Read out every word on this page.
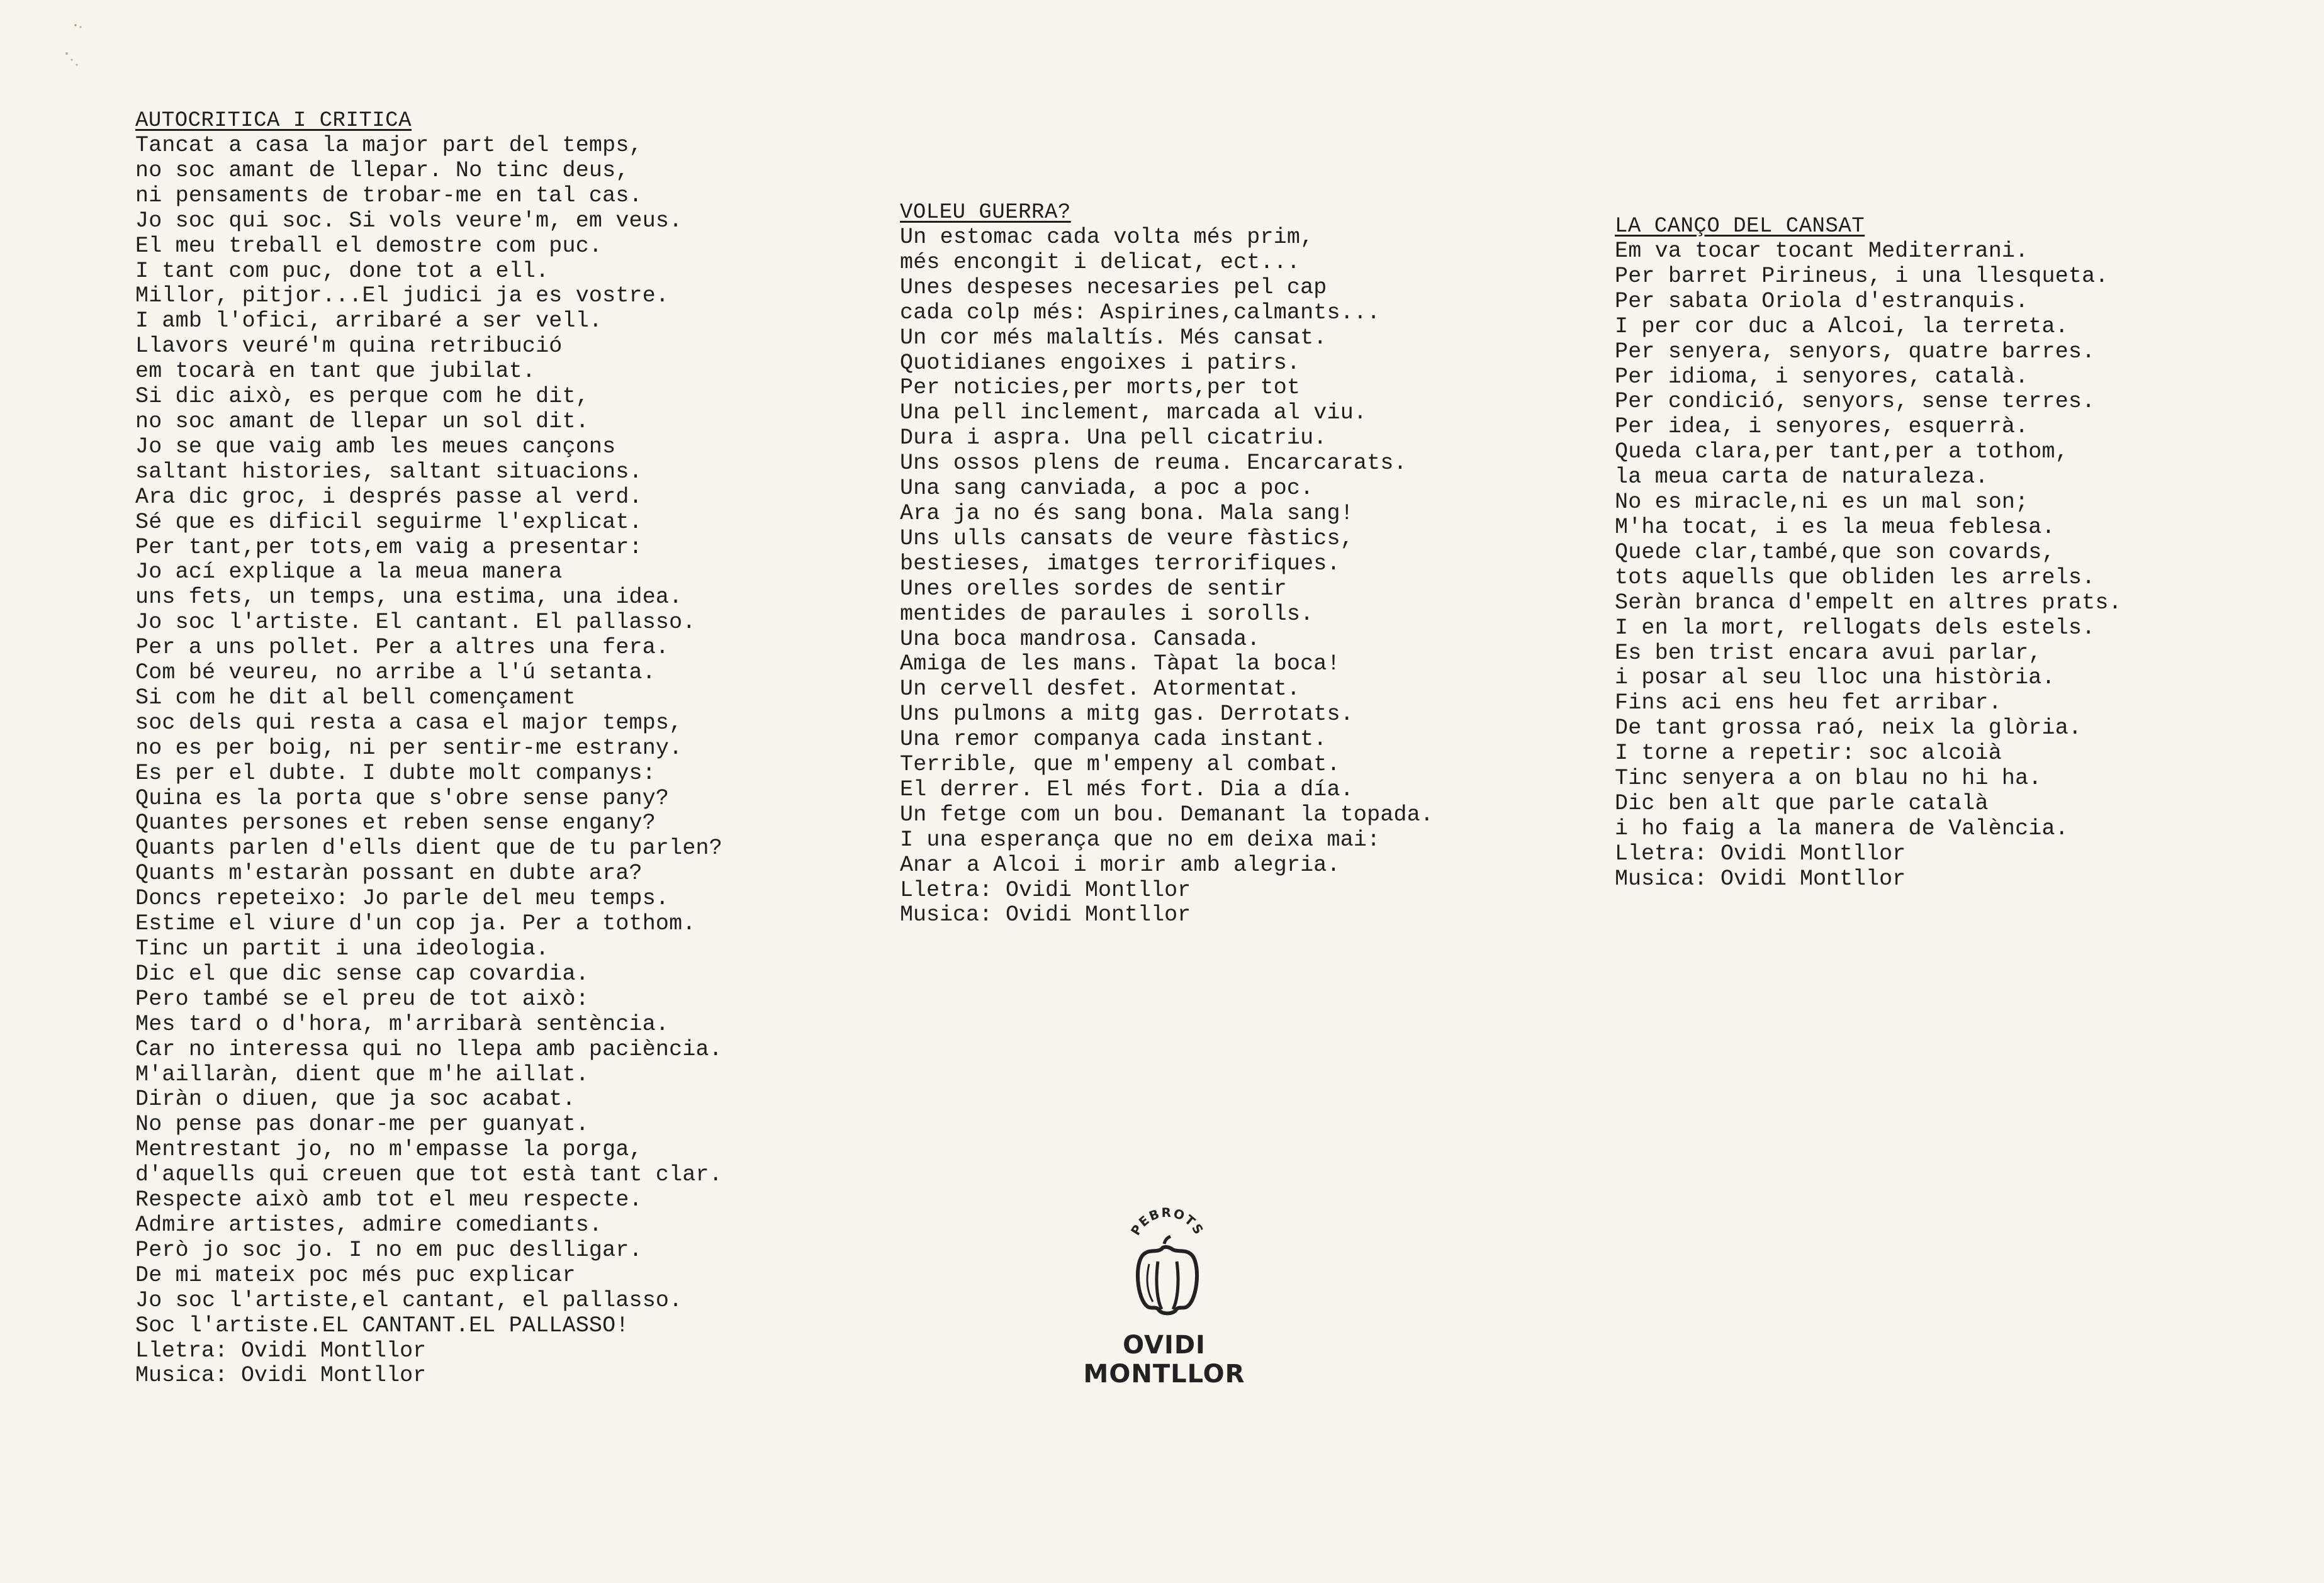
AUTOCRITICA I CRITICA
Tancat a casa la major part del temps,
no soc amant de llepar. No tinc deus,
ni pensaments de trobar-me en tal cas.
Jo soc qui soc. Si vols veure'm, em veus.
El meu treball el demostre com puc.
I tant com puc, done tot a ell.
Millor, pitjor...El judici ja es vostre.
I amb l'ofici, arribaré a ser vell.
Llavors veuré'm quina retribució
em tocarà en tant que jubilat.
Si dic això, es perque com he dit,
no soc amant de llepar un sol dit.
Jo se que vaig amb les meues cançons
saltant histories, saltant situacions.
Ara dic groc, i després passe al verd.
Sé que es dificil seguirme l'explicat.
Per tant,per tots,em vaig a presentar:
Jo ací explique a la meua manera
uns fets, un temps, una estima, una idea.
Jo soc l'artiste. El cantant. El pallasso.
Per a uns pollet. Per a altres una fera.
Com bé veureu, no arribe a l'ú setanta.
Si com he dit al bell començament
soc dels qui resta a casa el major temps,
no es per boig, ni per sentir-me estrany.
Es per el dubte. I dubte molt companys:
Quina es la porta que s'obre sense pany?
Quantes persones et reben sense engany?
Quants parlen d'ells dient que de tu parlen?
Quants m'estaràn possant en dubte ara?
Doncs repeteixo: Jo parle del meu temps.
Estime el viure d'un cop ja. Per a tothom.
Tinc un partit i una ideologia.
Dic el que dic sense cap covardia.
Pero també se el preu de tot això:
Mes tard o d'hora, m'arribarà sentència.
Car no interessa qui no llepa amb paciència.
M'aillaràn, dient que m'he aillat.
Diràn o diuen, que ja soc acabat.
No pense pas donar-me per guanyat.
Mentrestant jo, no m'empasse la porga,
d'aquells qui creuen que tot està tant clar.
Respecte això amb tot el meu respecte.
Admire artistes, admire comediants.
Però jo soc jo. I no em puc deslligar.
De mi mateix poc més puc explicar
Jo soc l'artiste,el cantant, el pallasso.
Soc l'artiste.EL CANTANT.EL PALLASSO!
Lletra: Ovidi Montllor
Musica: Ovidi Montllor
VOLEU GUERRA?
Un estomac cada volta més prim,
més encongit i delicat, ect...
Unes despeses necesaries pel cap
cada colp més: Aspirines,calmants...
Un cor més malaltís. Més cansat.
Quotidianes engoixes i patirs.
Per noticies,per morts,per tot
Una pell inclement, marcada al viu.
Dura i aspra. Una pell cicatriu.
Uns ossos plens de reuma. Encarcarats.
Una sang canviada, a poc a poc.
Ara ja no és sang bona. Mala sang!
Uns ulls cansats de veure fàstics,
bestieses, imatges terrorifiques.
Unes orelles sordes de sentir
mentides de paraules i sorolls.
Una boca mandrosa. Cansada.
Amiga de les mans. Tàpat la boca!
Un cervell desfet. Atormentat.
Uns pulmons a mitg gas. Derrotats.
Una remor companya cada instant.
Terrible, que m'empeny al combat.
El derrer. El més fort. Dia a día.
Un fetge com un bou. Demanant la topada.
I una esperança que no em deixa mai:
Anar a Alcoi i morir amb alegria.
Lletra: Ovidi Montllor
Musica: Ovidi Montllor
LA CANÇO DEL CANSAT
Em va tocar tocant Mediterrani.
Per barret Pirineus, i una llesqueta.
Per sabata Oriola d'estranquis.
I per cor duc a Alcoi, la terreta.
Per senyera, senyors, quatre barres.
Per idioma, i senyores, català.
Per condició, senyors, sense terres.
Per idea, i senyores, esquerrà.
Queda clara,per tant,per a tothom,
la meua carta de naturaleza.
No es miracle,ni es un mal son;
M'ha tocat, i es la meua feblesa.
Quede clar,també,que son covards,
tots aquells que obliden les arrels.
Seràn branca d'empelt en altres prats.
I en la mort, rellogats dels estels.
Es ben trist encara avui parlar,
i posar al seu lloc una història.
Fins aci ens heu fet arribar.
De tant grossa raó, neix la glòria.
I torne a repetir: soc alcoià
Tinc senyera a on blau no hi ha.
Dic ben alt que parle català
i ho faig a la manera de València.
Lletra: Ovidi Montllor
Musica: Ovidi Montllor
PEBROTS
OVIDI MONTLLOR
